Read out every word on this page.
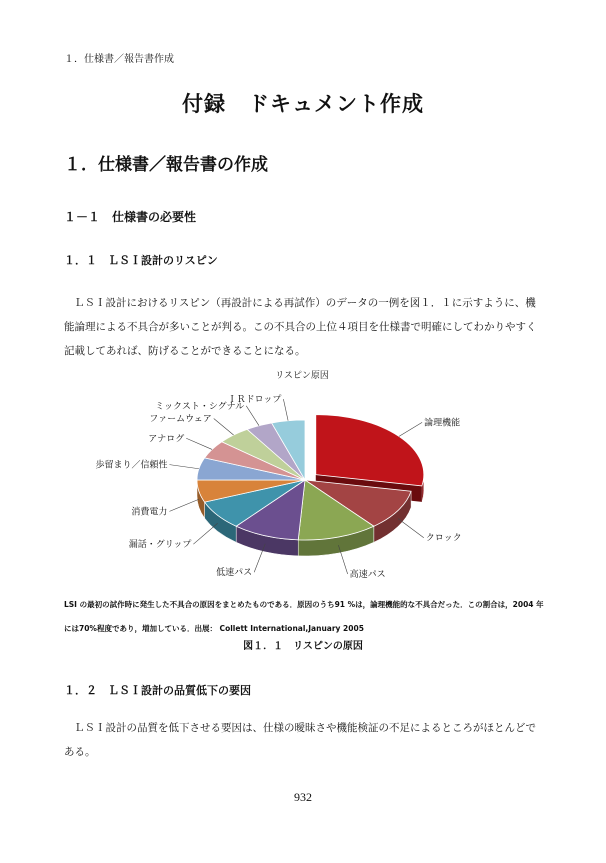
１．仕様書／報告書作成
付録　ドキュメント作成
１．仕様書／報告書の作成
１－１　仕様書の必要性
１．１　ＬＳＩ設計のリスピン

ＬＳＩ設計におけるリスピン（再設計による再試作）のデータの一例を図１．１に示すように、機能論理による不具合が多いことが判る。この不具合の上位４項目を仕様書で明確にしてわかりやすく記載してあれば、防げることができることになる。

リスピン原因
論理機能
クロック
高速パス
低速パス
漏話・グリップ
消費電力
歩留まり／信頼性
アナログ
ファームウェア
ミックスト・シグナル
ＩＲドロップ

LSI の最初の試作時に発生した不具合の原因をまとめたものである．原因のうち91 %は，論理機能的な不具合だった．この割合は，2004 年には70%程度であり，増加している．出展： Collett International,January 2005

図１．１　リスピンの原因
１．２　ＬＳＩ設計の品質低下の要因

ＬＳＩ設計の品質を低下させる要因は、仕様の曖昧さや機能検証の不足によるところがほとんどである。

932
